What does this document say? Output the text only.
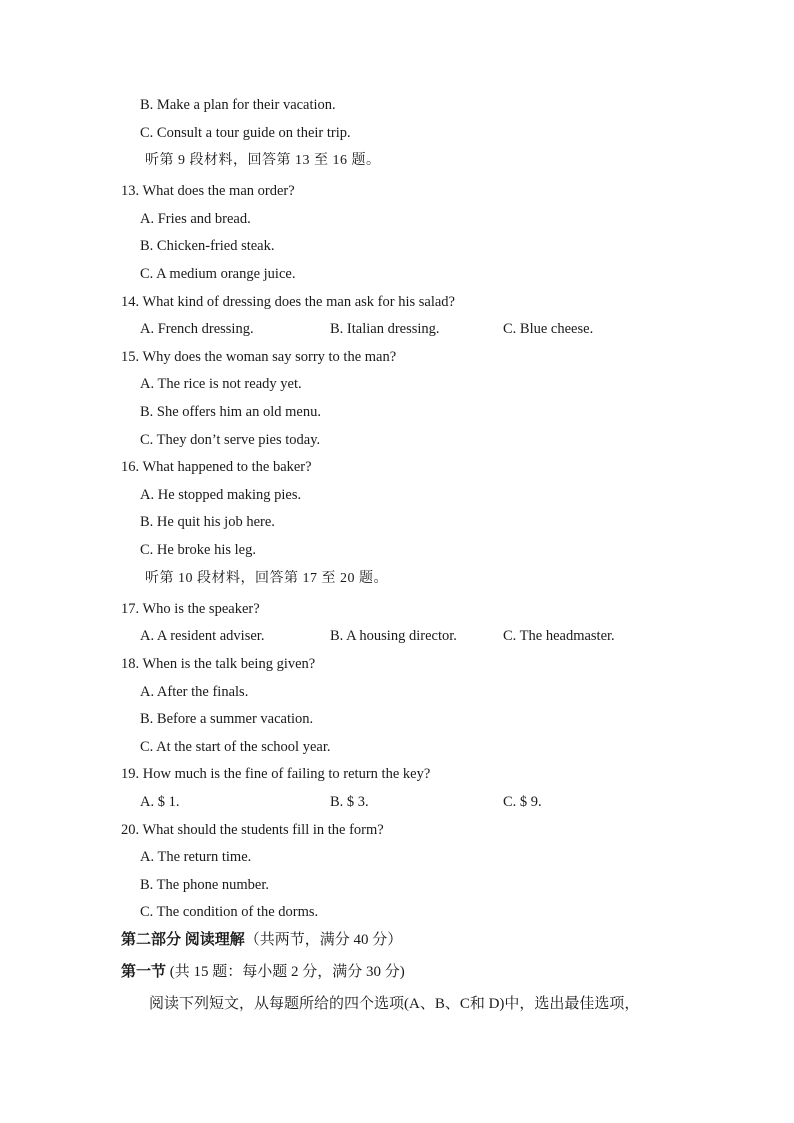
B. Make a plan for their vacation.
C. Consult a tour guide on their trip.
听第 9 段材料，回答第 13 至 16 题。
13. What does the man order?
A. Fries and bread.
B. Chicken-fried steak.
C. A medium orange juice.
14. What kind of dressing does the man ask for his salad?
A. French dressing.	B. Italian dressing.	C. Blue cheese.
15. Why does the woman say sorry to the man?
A. The rice is not ready yet.
B. She offers him an old menu.
C. They don’t serve pies today.
16. What happened to the baker?
A. He stopped making pies.
B. He quit his job here.
C. He broke his leg.
听第 10 段材料，回答第 17 至 20 题。
17. Who is the speaker?
A. A resident adviser.	B. A housing director.	C. The headmaster.
18. When is the talk being given?
A. After the finals.
B. Before a summer vacation.
C. At the start of the school year.
19. How much is the fine of failing to return the key?
A. $ 1.	B. $ 3.	C. $ 9.
20. What should the students fill in the form?
A. The return time.
B. The phone number.
C. The condition of the dorms.
第二部分 阅读理解（共两节，满分 40 分）
第一节 (共 15 题：每小题 2 分，满分 30 分)
阅读下列短文，从每题所给的四个选项(A、B、C和 D)中，选出最佳选项，
